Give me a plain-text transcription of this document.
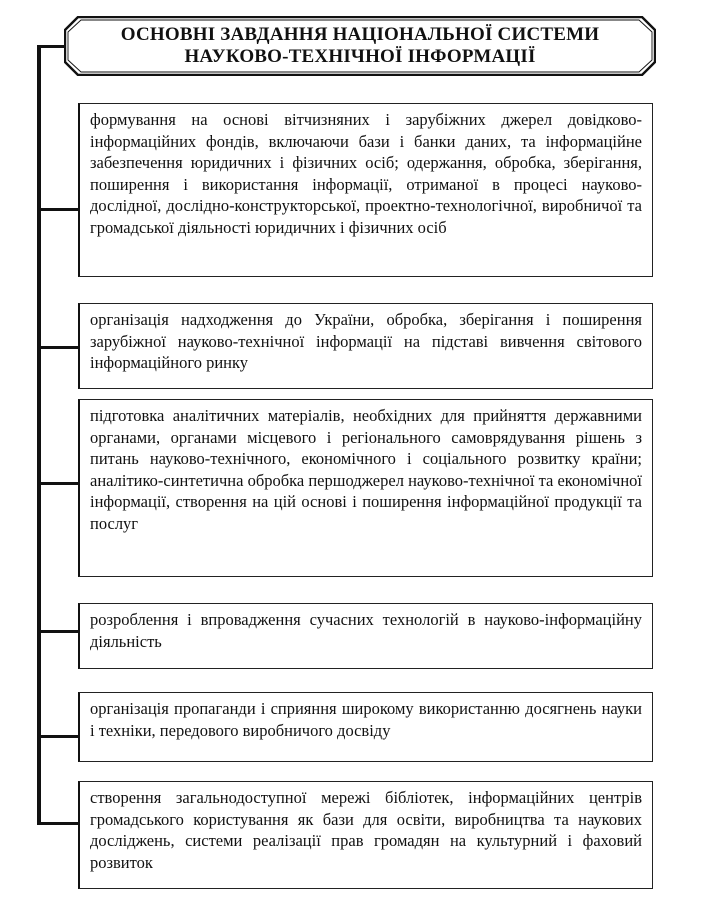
ОСНОВНІ ЗАВДАННЯ НАЦІОНАЛЬНОЇ СИСТЕМИ
НАУКОВО-ТЕХНІЧНОЇ ІНФОРМАЦІЇ
формування на основі вітчизняних і зарубіжних джерел довідково-інформаційних фондів, включаючи бази і банки даних, та інформаційне забезпечення юридичних і фізичних осіб; одержання, обробка, зберігання, поширення і використання інформації, отриманої в процесі науково-дослідної, дослідно-конструкторської, проектно-технологічної, виробничої та громадської діяльності юридичних і фізичних осіб
організація надходження до України, обробка, зберігання і поширення зарубіжної науково-технічної інформації на підставі вивчення світового інформаційного ринку
підготовка аналітичних матеріалів, необхідних для прийняття державними органами, органами місцевого і регіонального самоврядування рішень з питань науково-технічного, економічного і соціального розвитку країни; аналітико-синтетична обробка першоджерел науково-технічної та економічної інформації, створення на цій основі і поширення інформаційної продукції та послуг
розроблення і впровадження сучасних технологій в науково-інформаційну діяльність
організація пропаганди і сприяння широкому використанню досягнень науки і техніки, передового виробничого досвіду
створення загальнодоступної мережі бібліотек, інформаційних центрів громадського користування як бази для освіти, виробництва та наукових досліджень, системи реалізації прав громадян на культурний і фаховий розвиток
